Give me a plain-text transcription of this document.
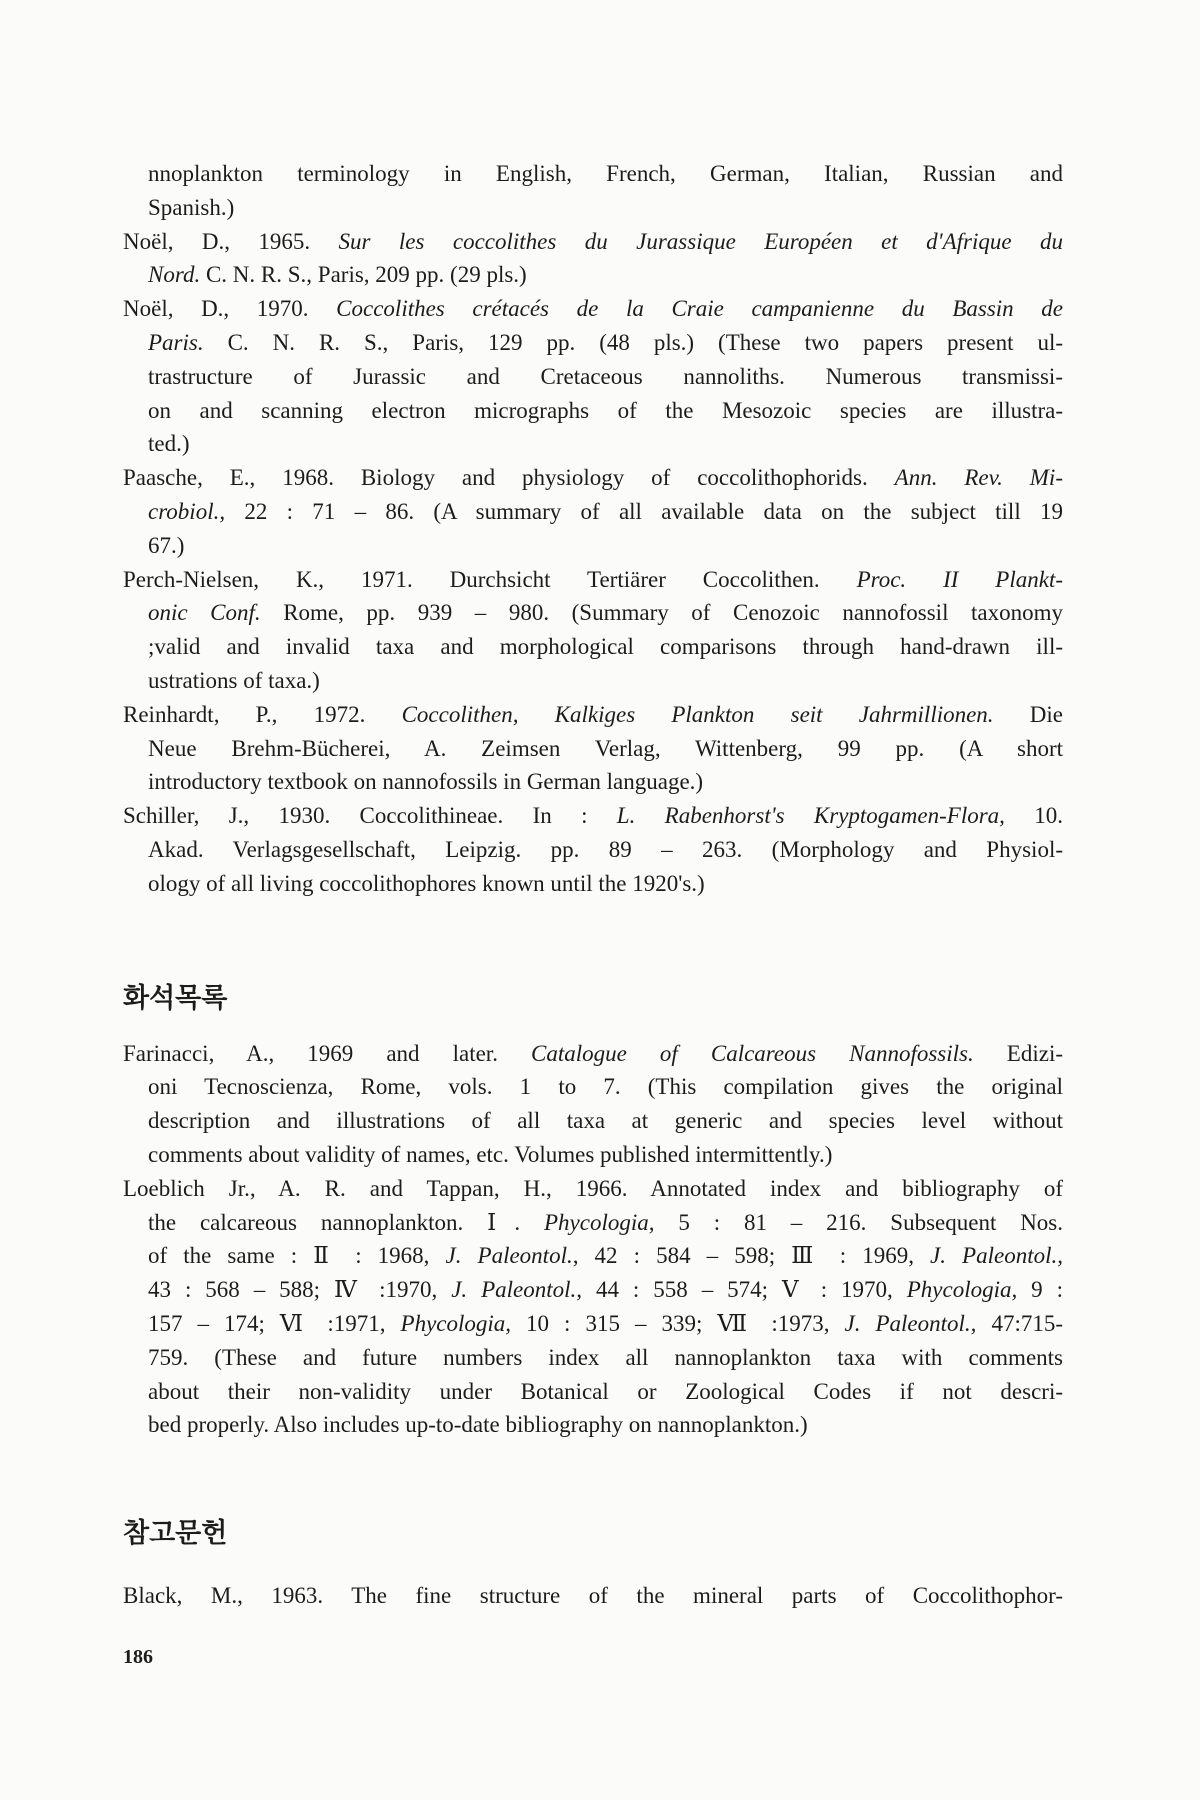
nnoplankton terminology in English, French, German, Italian, Russian and
Spanish.)
Noël, D., 1965. Sur les coccolithes du Jurassique Européen et d'Afrique du
Nord. C. N. R. S., Paris, 209 pp. (29 pls.)
Noël, D., 1970. Coccolithes crétacés de la Craie campanienne du Bassin de
Paris. C. N. R. S., Paris, 129 pp. (48 pls.) (These two papers present ul-
trastructure of Jurassic and Cretaceous nannoliths. Numerous transmissi-
on and scanning electron micrographs of the Mesozoic species are illustra-
ted.)
Paasche, E., 1968. Biology and physiology of coccolithophorids. Ann. Rev. Mi-
crobiol., 22 : 71 – 86. (A summary of all available data on the subject till 19
67.)
Perch-Nielsen, K., 1971. Durchsicht Tertiärer Coccolithen. Proc. II Plankt-
onic Conf. Rome, pp. 939 – 980. (Summary of Cenozoic nannofossil taxonomy
;valid and invalid taxa and morphological comparisons through hand-drawn ill-
ustrations of taxa.)
Reinhardt, P., 1972. Coccolithen, Kalkiges Plankton seit Jahrmillionen. Die
Neue Brehm-Bücherei, A. Zeimsen Verlag, Wittenberg, 99 pp. (A short
introductory textbook on nannofossils in German language.)
Schiller, J., 1930. Coccolithineae. In : L. Rabenhorst's Kryptogamen-Flora, 10.
Akad. Verlagsgesellschaft, Leipzig. pp. 89 – 263. (Morphology and Physiol-
ology of all living coccolithophores known until the 1920's.)
화석목록
Farinacci, A., 1969 and later. Catalogue of Calcareous Nannofossils. Edizi-
oni Tecnoscienza, Rome, vols. 1 to 7. (This compilation gives the original
description and illustrations of all taxa at generic and species level without
comments about validity of names, etc. Volumes published intermittently.)
Loeblich Jr., A. R. and Tappan, H., 1966. Annotated index and bibliography of
the calcareous nannoplankton. Ⅰ. Phycologia, 5 : 81 – 216. Subsequent Nos.
of the same : Ⅱ : 1968, J. Paleontol., 42 : 584 – 598; Ⅲ : 1969, J. Paleontol.,
43 : 568 – 588; Ⅳ :1970, J. Paleontol., 44 : 558 – 574; Ⅴ : 1970, Phycologia, 9 :
157 – 174; Ⅵ :1971, Phycologia, 10 : 315 – 339; Ⅶ :1973, J. Paleontol., 47:715-
759. (These and future numbers index all nannoplankton taxa with comments
about their non-validity under Botanical or Zoological Codes if not descri-
bed properly. Also includes up-to-date bibliography on nannoplankton.)
참고문헌
Black, M., 1963. The fine structure of the mineral parts of Coccolithophor-
186
